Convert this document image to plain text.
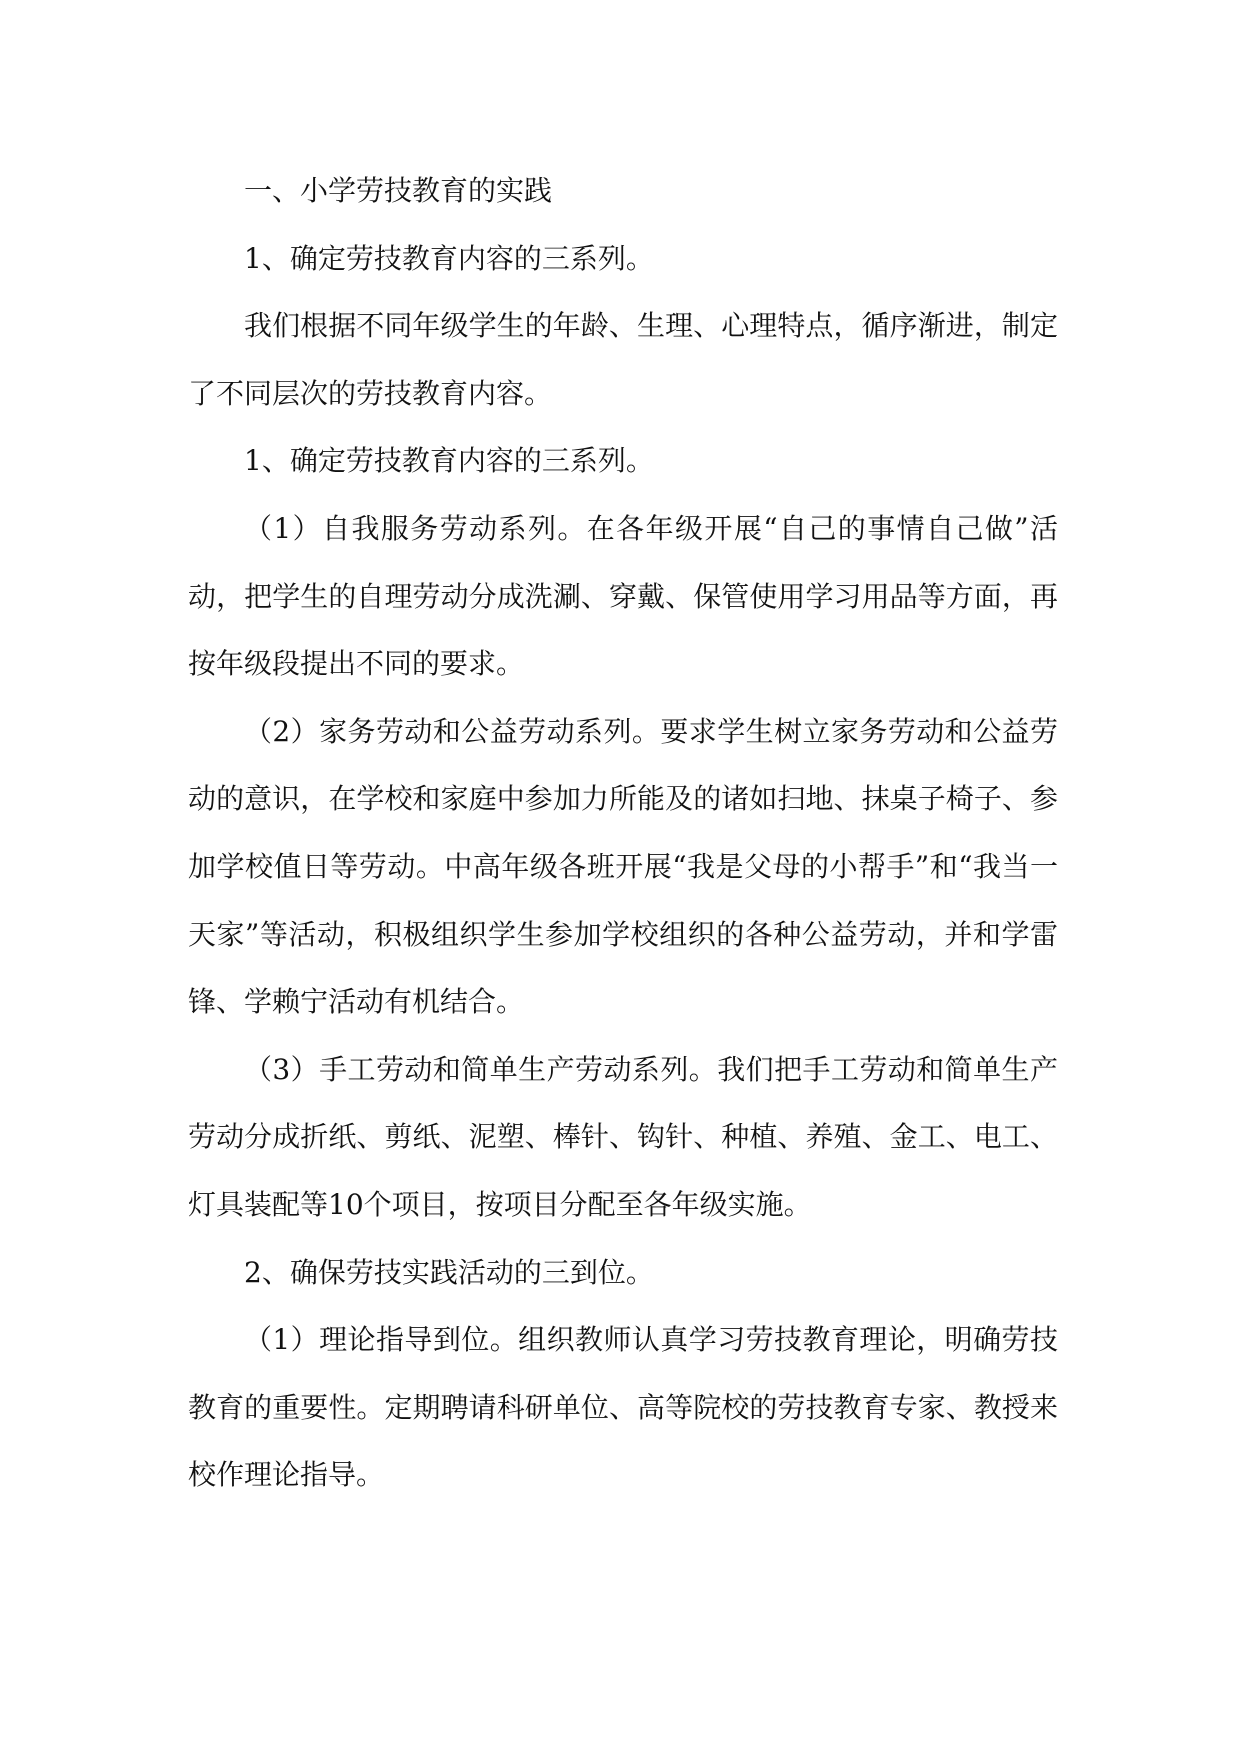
一、小学劳技教育的实践

1、确定劳技教育内容的三系列。

我们根据不同年级学生的年龄、生理、心理特点，循序渐进，制定了不同层次的劳技教育内容。

1、确定劳技教育内容的三系列。

（1）自我服务劳动系列。在各年级开展“自己的事情自己做”活动，把学生的自理劳动分成洗涮、穿戴、保管使用学习用品等方面，再按年级段提出不同的要求。

（2）家务劳动和公益劳动系列。要求学生树立家务劳动和公益劳动的意识，在学校和家庭中参加力所能及的诸如扫地、抹桌子椅子、参加学校值日等劳动。中高年级各班开展“我是父母的小帮手”和“我当一天家”等活动，积极组织学生参加学校组织的各种公益劳动，并和学雷锋、学赖宁活动有机结合。

（3）手工劳动和简单生产劳动系列。我们把手工劳动和简单生产劳动分成折纸、剪纸、泥塑、棒针、钩针、种植、养殖、金工、电工、灯具装配等10个项目，按项目分配至各年级实施。

2、确保劳技实践活动的三到位。

（1）理论指导到位。组织教师认真学习劳技教育理论，明确劳技教育的重要性。定期聘请科研单位、高等院校的劳技教育专家、教授来校作理论指导。
